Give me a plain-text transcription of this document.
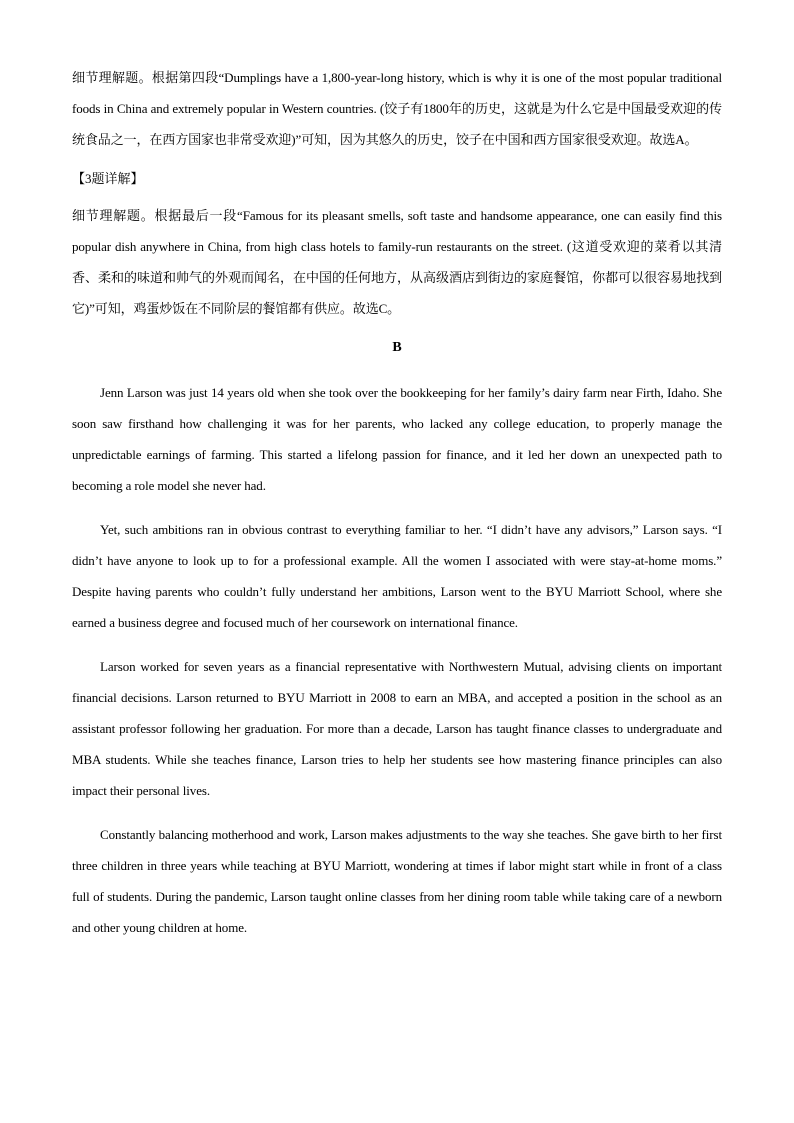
细节理解题。根据第四段“Dumplings have a 1,800-year-long history, which is why it is one of the most popular traditional foods in China and extremely popular in Western countries. (饺子有1800年的历史，这就是为什么它是中国最受欢迎的传统食品之一，在西方国家也非常受欢迎)”可知，因为其悠久的历史，饺子在中国和西方国家很受欢迎。故选A。

【3题详解】

细节理解题。根据最后一段“Famous for its pleasant smells, soft taste and handsome appearance, one can easily find this popular dish anywhere in China, from high class hotels to family-run restaurants on the street. (这道受欢迎的菜肴以其清香、柔和的味道和帅气的外观而闻名，在中国的任何地方，从高级酒店到街边的家庭餐馆，你都可以很容易地找到它)”可知，鸡蛋炒饭在不同阶层的餐馆都有供应。故选C。

B

Jenn Larson was just 14 years old when she took over the bookkeeping for her family’s dairy farm near Firth, Idaho. She soon saw firsthand how challenging it was for her parents, who lacked any college education, to properly manage the unpredictable earnings of farming. This started a lifelong passion for finance, and it led her down an unexpected path to becoming a role model she never had.

Yet, such ambitions ran in obvious contrast to everything familiar to her. “I didn’t have any advisors,” Larson says. “I didn’t have anyone to look up to for a professional example. All the women I associated with were stay-at-home moms.” Despite having parents who couldn’t fully understand her ambitions, Larson went to the BYU Marriott School, where she earned a business degree and focused much of her coursework on international finance.

Larson worked for seven years as a financial representative with Northwestern Mutual, advising clients on important financial decisions. Larson returned to BYU Marriott in 2008 to earn an MBA, and accepted a position in the school as an assistant professor following her graduation. For more than a decade, Larson has taught finance classes to undergraduate and MBA students. While she teaches finance, Larson tries to help her students see how mastering finance principles can also impact their personal lives.

Constantly balancing motherhood and work, Larson makes adjustments to the way she teaches. She gave birth to her first three children in three years while teaching at BYU Marriott, wondering at times if labor might start while in front of a class full of students. During the pandemic, Larson taught online classes from her dining room table while taking care of a newborn and other young children at home.
